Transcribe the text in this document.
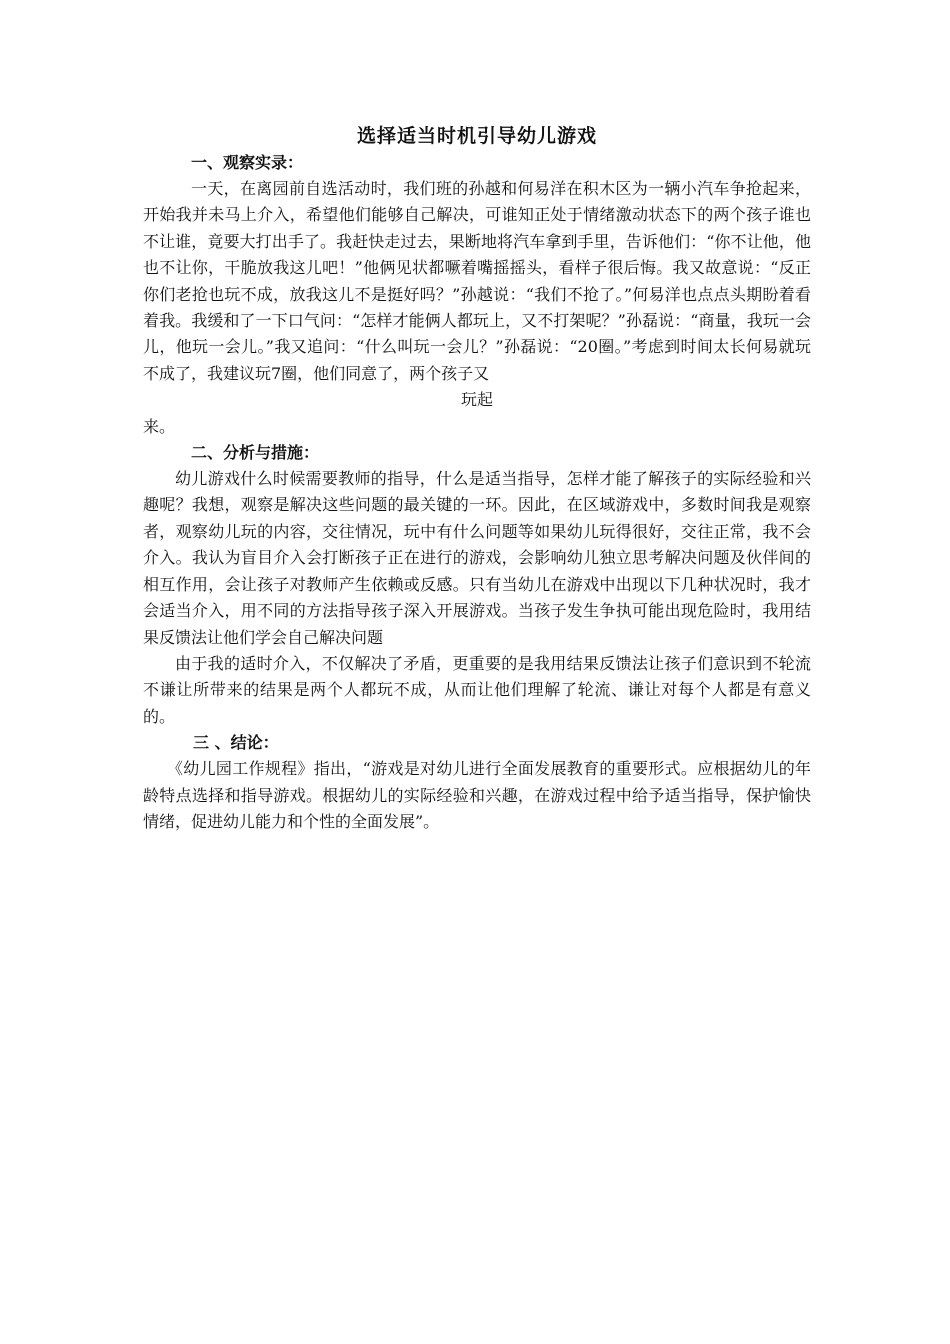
选择适当时机引导幼儿游戏
一、观察实录：

一天，在离园前自选活动时，我们班的孙越和何易洋在积木区为一辆小汽车争抢起来，开始我并未马上介入，希望他们能够自己解决，可谁知正处于情绪激动状态下的两个孩子谁也不让谁，竟要大打出手了。我赶快走过去，果断地将汽车拿到手里，告诉他们：“你不让他，他也不让你，干脆放我这儿吧！”他俩见状都噘着嘴摇摇头，看样子很后悔。我又故意说：“反正你们老抢也玩不成，放我这儿不是挺好吗？”孙越说：“我们不抢了。”何易洋也点点头期盼着看着我。我缓和了一下口气问：“怎样才能俩人都玩上，又不打架呢？”孙磊说：“商量，我玩一会儿，他玩一会儿。”我又追问：“什么叫玩一会儿？”孙磊说：“20圈。”考虑到时间太长何易就玩不成了，我建议玩7圈，他们同意了，两个孩子又

玩起
来。

二、分析与措施：

幼儿游戏什么时候需要教师的指导，什么是适当指导，怎样才能了解孩子的实际经验和兴趣呢？我想，观察是解决这些问题的最关键的一环。因此，在区域游戏中，多数时间我是观察者，观察幼儿玩的内容，交往情况，玩中有什么问题等如果幼儿玩得很好，交往正常，我不会介入。我认为盲目介入会打断孩子正在进行的游戏，会影响幼儿独立思考解决问题及伙伴间的相互作用，会让孩子对教师产生依赖或反感。只有当幼儿在游戏中出现以下几种状况时，我才会适当介入，用不同的方法指导孩子深入开展游戏。当孩子发生争执可能出现危险时，我用结果反馈法让他们学会自己解决问题

由于我的适时介入，不仅解决了矛盾，更重要的是我用结果反馈法让孩子们意识到不轮流不谦让所带来的结果是两个人都玩不成，从而让他们理解了轮流、谦让对每个人都是有意义的。

三 、结论：

《幼儿园工作规程》指出，“游戏是对幼儿进行全面发展教育的重要形式。应根据幼儿的年龄特点选择和指导游戏。根据幼儿的实际经验和兴趣，在游戏过程中给予适当指导，保护愉快情绪，促进幼儿能力和个性的全面发展”。
